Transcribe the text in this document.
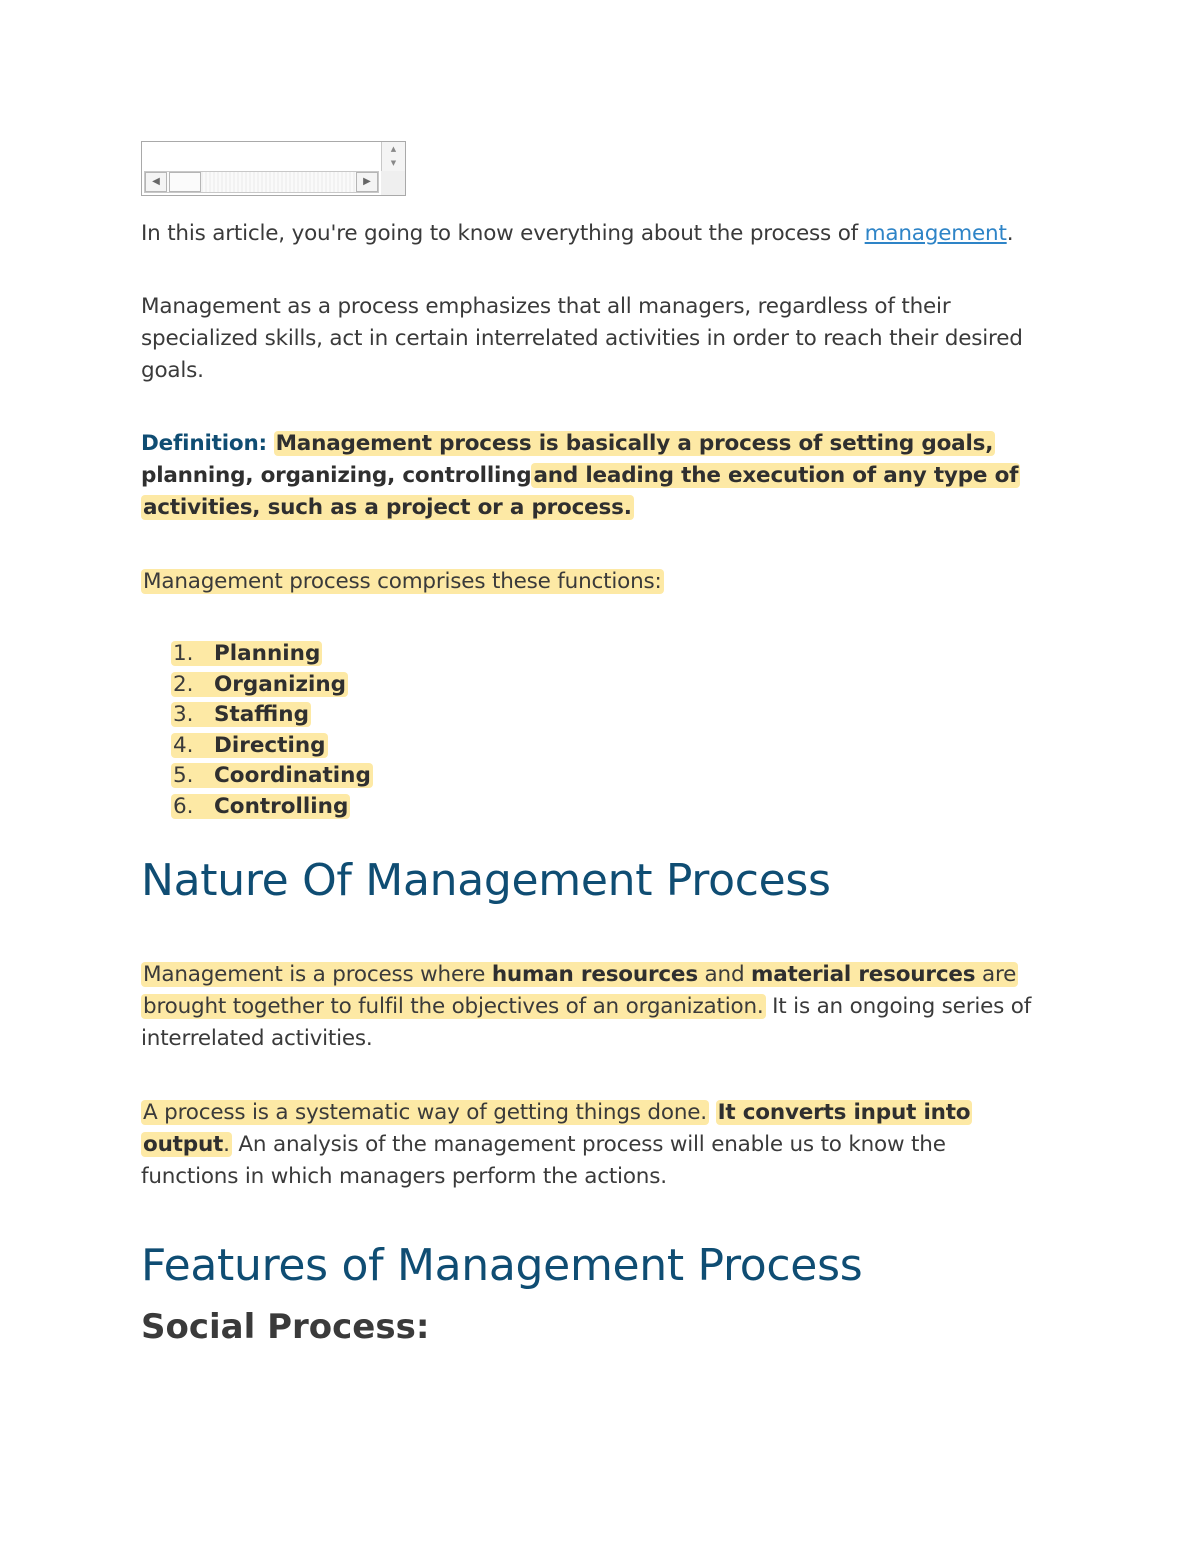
▲
▼
◀	▶

In this article, you're going to know everything about the process of management.

Management as a process emphasizes that all managers, regardless of their specialized skills, act in certain interrelated activities in order to reach their desired goals.

Definition: Management process is basically a process of setting goals, planning, organizing, controllingand leading the execution of any type of activities, such as a project or a process.

Management process comprises these functions:

1. Planning
2. Organizing
3. Staffing
4. Directing
5. Coordinating
6. Controlling
Nature Of Management Process

Management is a process where human resources and material resources are brought together to fulfil the objectives of an organization. It is an ongoing series of interrelated activities.

A process is a systematic way of getting things done. It converts input into output. An analysis of the management process will enable us to know the functions in which managers perform the actions.

Features of Management Process
Social Process:
